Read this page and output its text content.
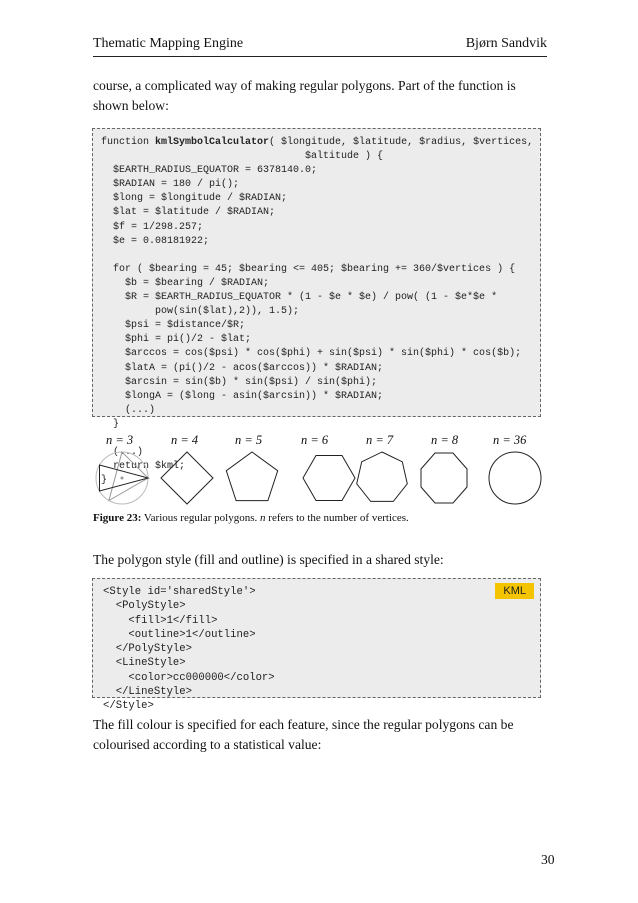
Thematic Mapping Engine	Bjørn Sandvik
course, a complicated way of making regular polygons. Part of the function is shown below:
function kmlSymbolCalculator( $longitude, $latitude, $radius, $vertices,
$altitude ) {
$EARTH_RADIUS_EQUATOR = 6378140.0;
$RADIAN = 180 / pi();
$long = $longitude / $RADIAN;
$lat = $latitude / $RADIAN;
$f = 1/298.257;
$e = 0.08181922;

for ( $bearing = 45; $bearing <= 405; $bearing += 360/$vertices ) {
$b = $bearing / $RADIAN;
$R = $EARTH_RADIUS_EQUATOR * (1 - $e * $e) / pow( (1 - $e*$e *
pow(sin($lat),2)), 1.5);
$psi = $distance/$R;
$phi = pi()/2 - $lat;
$arccos = cos($psi) * cos($phi) + sin($psi) * sin($phi) * cos($b);
$latA = (pi()/2 - acos($arccos)) * $RADIAN;
$arcsin = sin($b) * sin($psi) / sin($phi);
$longA = ($long - asin($arcsin)) * $RADIAN;
(...)
}

(...)
return $kml;
}
n = 3	n = 4	n = 5	n = 6	n = 7	n = 8	n = 36
Figure 23: Various regular polygons. n refers to the number of vertices.
The polygon style (fill and outline) is specified in a shared style:
KML
<Style id='sharedStyle'>
<PolyStyle>
<fill>1</fill>
<outline>1</outline>
</PolyStyle>
<LineStyle>
<color>cc000000</color>
</LineStyle>
</Style>
The fill colour is specified for each feature, since the regular polygons can be colourised according to a statistical value:
30
